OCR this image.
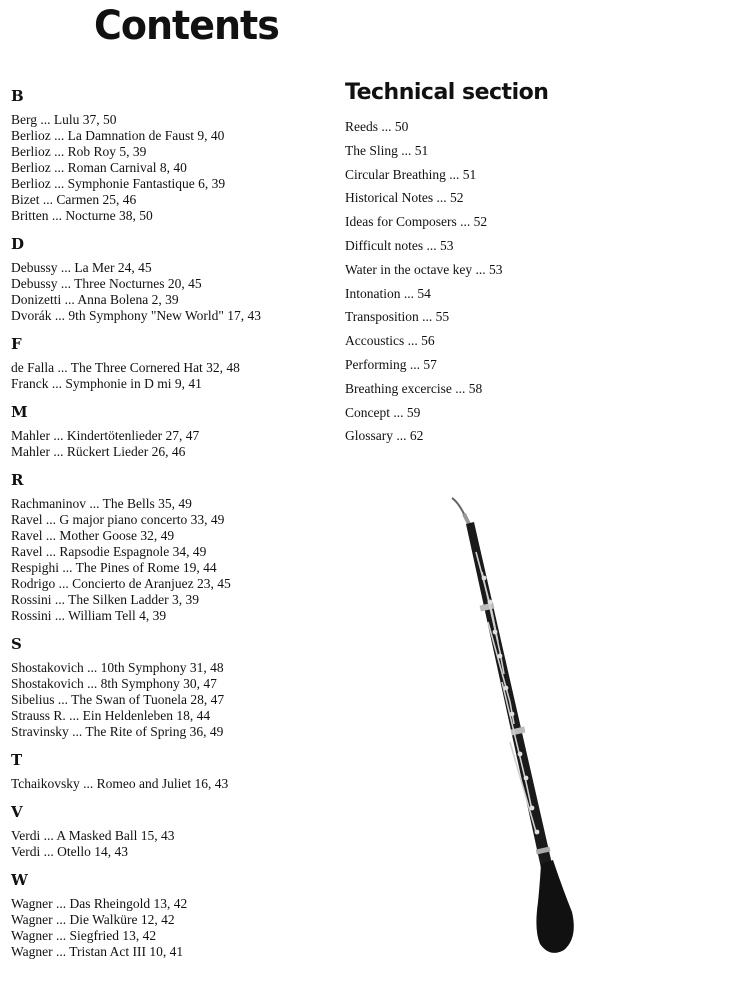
Contents
B
Berg ... Lulu 37, 50
Berlioz ... La Damnation de Faust 9, 40
Berlioz ... Rob Roy 5, 39
Berlioz ... Roman Carnival 8, 40
Berlioz ... Symphonie Fantastique 6, 39
Bizet ... Carmen 25, 46
Britten ... Nocturne 38, 50
D
Debussy ... La Mer 24, 45
Debussy ... Three Nocturnes 20, 45
Donizetti ... Anna Bolena 2, 39
Dvorák ... 9th Symphony "New World" 17, 43
F
de Falla ... The Three Cornered Hat 32, 48
Franck ... Symphonie in D mi 9, 41
M
Mahler ... Kindertötenlieder 27, 47
Mahler ... Rückert Lieder 26, 46
R
Rachmaninov ... The Bells 35, 49
Ravel ... G major piano concerto 33, 49
Ravel ... Mother Goose 32, 49
Ravel ... Rapsodie Espagnole 34, 49
Respighi ... The Pines of Rome 19, 44
Rodrigo ... Concierto de Aranjuez 23, 45
Rossini ... The Silken Ladder 3, 39
Rossini ... William Tell 4, 39
S
Shostakovich ... 10th Symphony 31, 48
Shostakovich ... 8th Symphony 30, 47
Sibelius ... The Swan of Tuonela 28, 47
Strauss R. ... Ein Heldenleben 18, 44
Stravinsky ... The Rite of Spring 36, 49
T
Tchaikovsky ... Romeo and Juliet 16, 43
V
Verdi ... A Masked Ball 15, 43
Verdi ... Otello 14, 43
W
Wagner ... Das Rheingold 13, 42
Wagner ... Die Walküre 12, 42
Wagner ... Siegfried 13, 42
Wagner ... Tristan Act III 10, 41
Technical section
Reeds ... 50
The Sling ... 51
Circular Breathing ... 51
Historical Notes ... 52
Ideas for Composers ... 52
Difficult notes ... 53
Water in the octave key ... 53
Intonation ... 54
Transposition ... 55
Accoustics ... 56
Performing ... 57
Breathing excercise ... 58
Concept ... 59
Glossary ... 62
